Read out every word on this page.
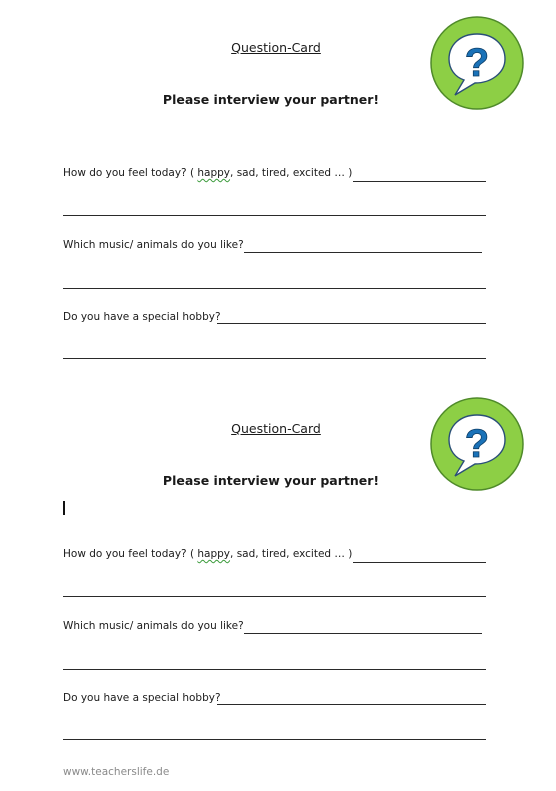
Question-Card
Please interview your partner!
?
How do you feel today? ( happy, sad, tired, excited … )
Which music/ animals do you like?
Do you have a special hobby?
Question-Card
Please interview your partner!
?
How do you feel today? ( happy, sad, tired, excited … )
Which music/ animals do you like?
Do you have a special hobby?
www.teacherslife.de
